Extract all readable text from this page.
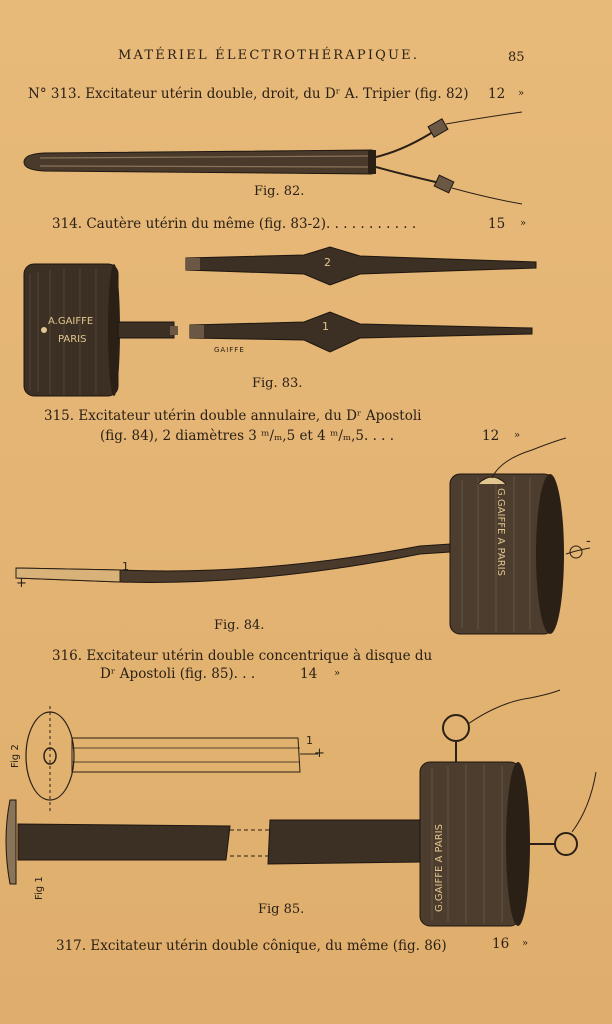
MATÉRIEL ÉLECTROTHÉRAPIQUE.	85
N° 313. Excitateur utérin double, droit, du Dʳ A. Tripier (fig. 82) 12 »
Fig. 82.
314. Cautère utérin du même (fig. 83-2). . . . . . . . . . .	15 »
A.GAIFFE
PARIS
GAIFFE
1
2
Fig. 83.
315. Excitateur utérin double annulaire, du Dʳ Apostoli
(fig. 84), 2 diamètres 3 ᵐ/ₘ,5 et 4 ᵐ/ₘ,5. . . .	12 »
G.GAIFFE A PARIS
+
-
1
Fig. 84.
316. Excitateur utérin double concentrique à disque du
Dʳ Apostoli (fig. 85). . .	14 »
Fig 2
Fig 1	G.GAIFFE A PARIS
+
1
Fig 85.
317. Excitateur utérin double cônique, du même (fig. 86)	16 »
